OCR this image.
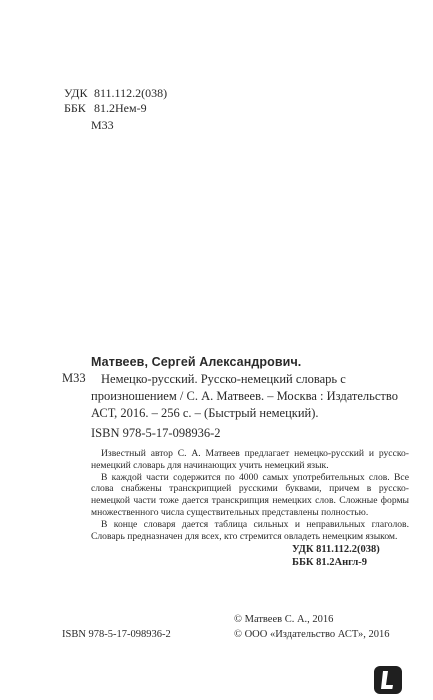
УДК 811.112.2(038)
ББК 81.2Нем-9
М33
Матвеев, Сергей Александрович.
М33	Немецко-русский. Русско-немецкий словарь с произношением / С. А. Матвеев. – Москва : Издательство АСТ, 2016. – 256 с. – (Быстрый немецкий).
ISBN 978-5-17-098936-2

Известный автор С. А. Матвеев предлагает немецко-русский и русско-немецкий словарь для начинающих учить немецкий язык.

В каждой части содержится по 4000 самых употребительных слов. Все слова снабжены транскрипцией русскими буквами, причем в русско-немецкой части тоже дается транскрипция немецких слов. Сложные формы множественного числа существительных представлены полностью.

В конце словаря дается таблица сильных и неправильных глаголов. Словарь предназначен для всех, кто стремится овладеть немецким языком.

УДК 811.112.2(038)
ББК 81.2Англ-9
ISBN 978-5-17-098936-2
© Матвеев С. А., 2016
© ООО «Издательство АСТ», 2016
